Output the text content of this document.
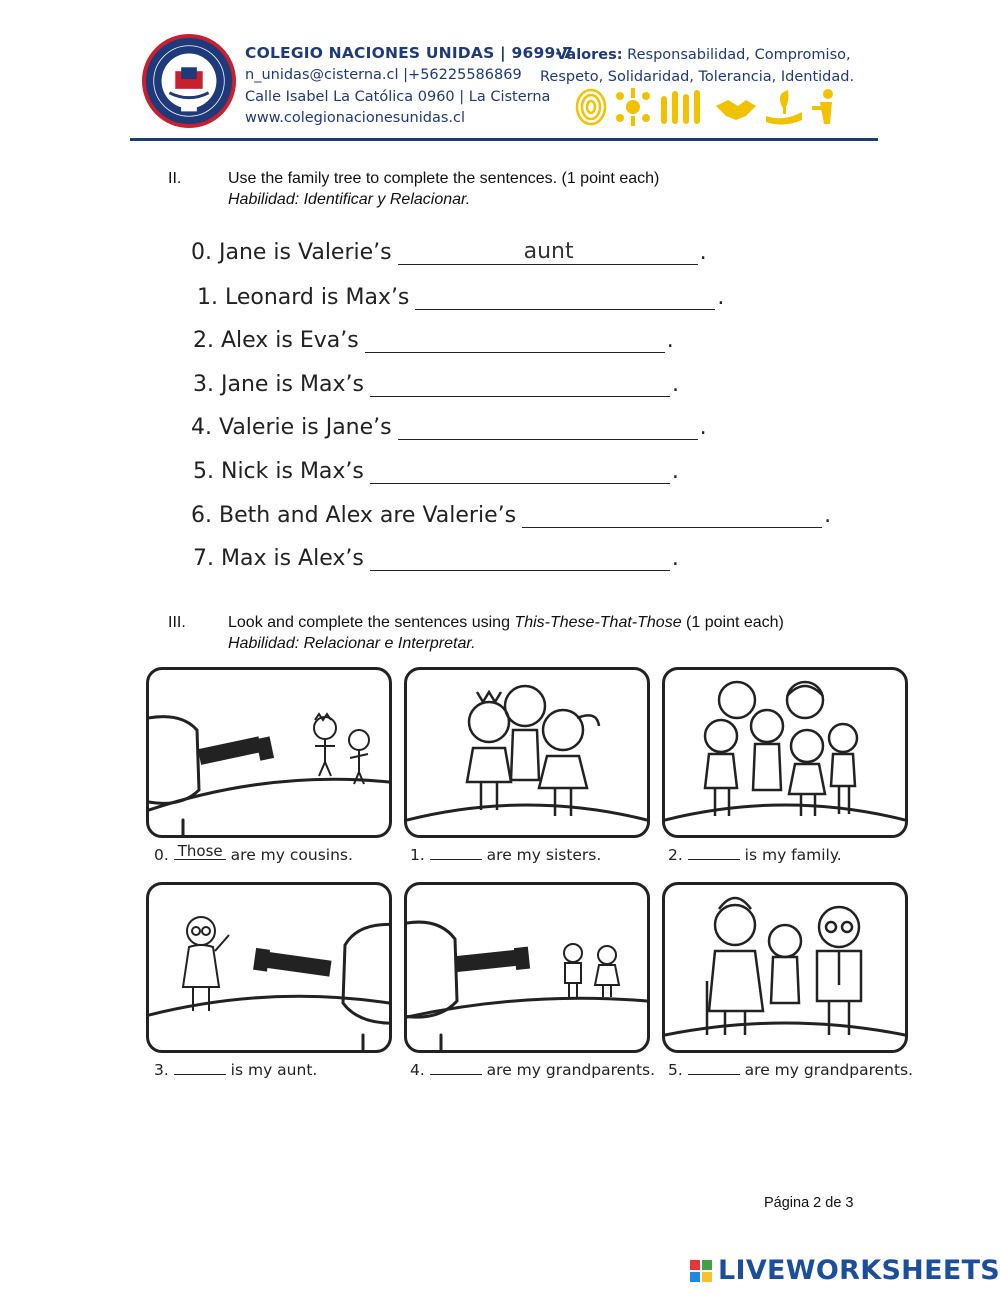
COLEGIO NACIONES UNIDAS | 9699-7
n_unidas@cisterna.cl |+56225586869
Calle Isabel La Católica 0960 | La Cisterna
www.colegionacionesunidas.cl
Valores: Responsabilidad, Compromiso,
Respeto, Solidaridad, Tolerancia, Identidad.
II.	Use the family tree to complete the sentences. (1 point each)
Habilidad: Identificar y Relacionar.
0. Jane is Valerie’s	aunt	.
1. Leonard is Max’s	.
2. Alex is Eva’s	.
3. Jane is Max’s	.
4. Valerie is Jane’s	.
5. Nick is Max’s	.
6. Beth and Alex are Valerie’s	.
7. Max is Alex’s	.
III.	Look and complete the sentences using This-These-That-Those (1 point each)
Habilidad: Relacionar e Interpretar.
0. Those are my cousins.	1.	are my sisters.	2.	is my family.
3.	is my aunt.	4.	are my grandparents. 5.	are my grandparents.
Página 2 de 3
LIVEWORKSHEETS
